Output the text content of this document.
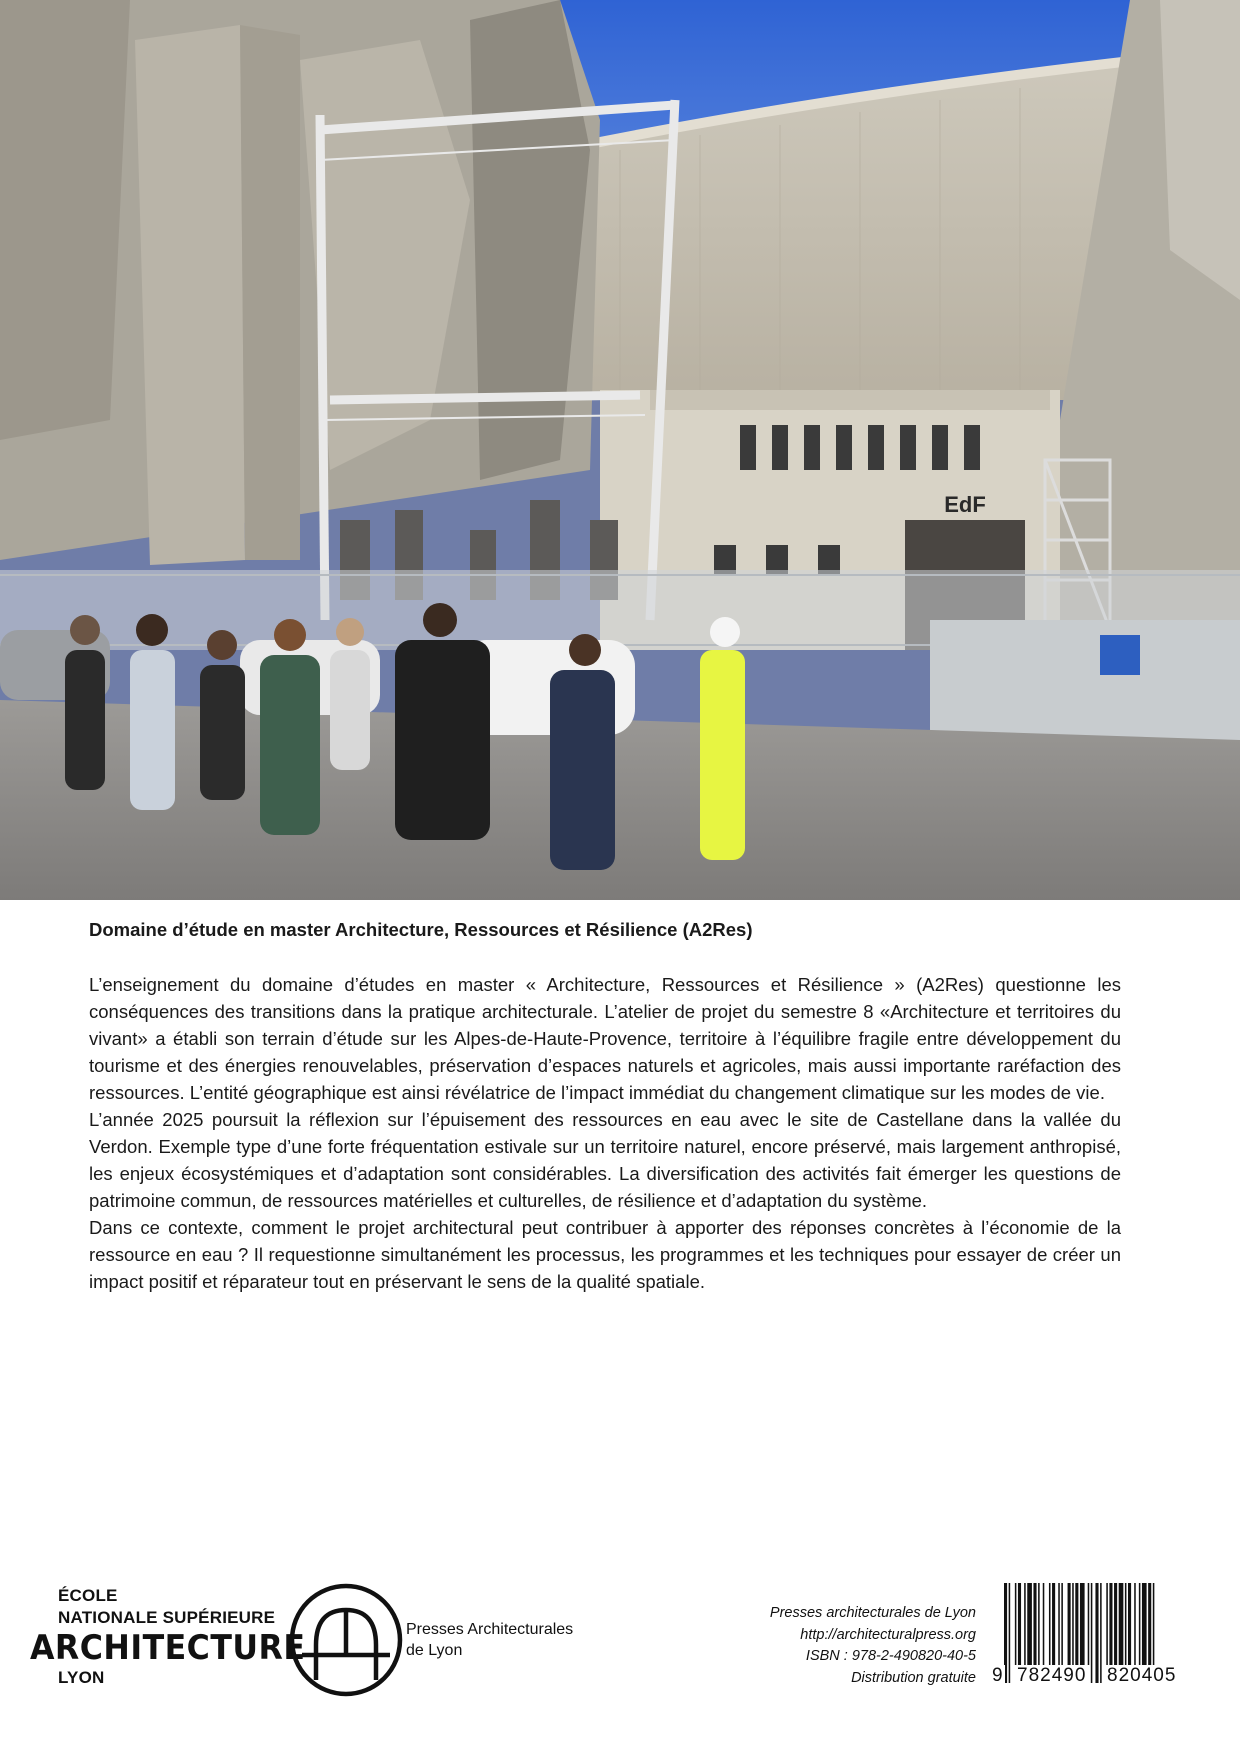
EdF

Domaine d’étude en master Architecture, Ressources et Résilience (A2Res)

L’enseignement du domaine d’études en master « Architecture, Ressources et Résilience » (A2Res) questionne les conséquences des transitions dans la pratique architecturale. L’atelier de projet du semestre 8 «Architecture et territoires du vivant» a établi son terrain d’étude sur les Alpes-de-Haute-Provence, territoire à l’équilibre fragile entre développement du tourisme et des énergies renouvelables, préservation d’espaces naturels et agricoles, mais aussi importante raréfaction des ressources. L’entité géographique est ainsi révélatrice de l’impact immédiat du changement climatique sur les modes de vie.

L’année 2025 poursuit la réflexion sur l’épuisement des ressources en eau avec le site de Castellane dans la vallée du Verdon. Exemple type d’une forte fréquentation estivale sur un territoire naturel, encore préservé, mais largement anthropisé, les enjeux écosystémiques et d’adaptation sont considérables. La diversification des activités fait émerger les questions de patrimoine commun, de ressources matérielles et culturelles, de résilience et d’adaptation du système.

Dans ce contexte, comment le projet architectural peut contribuer à apporter des réponses concrètes à l’économie de la ressource en eau ? Il requestionne simultanément les processus, les programmes et les techniques pour essayer de créer un impact positif et réparateur tout en préservant le sens de la qualité spatiale.

ÉCOLE
NATIONALE SUPÉRIEURE
ARCHITECTURE
LYON
Presses Architecturales
de Lyon
Presses architecturales de Lyon
http://architecturalpress.org
ISBN : 978-2-490820-40-5
Distribution gratuite 9 782490 820405
